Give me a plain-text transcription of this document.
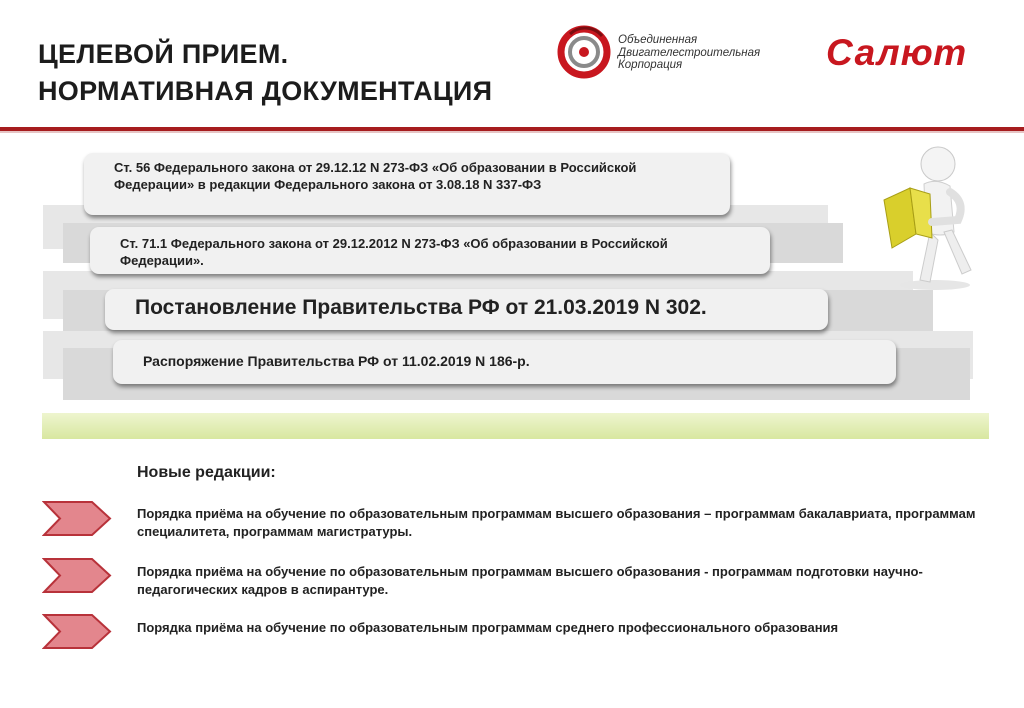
ЦЕЛЕВОЙ ПРИЕМ.
НОРМАТИВНАЯ ДОКУМЕНТАЦИЯ
Объединенная
Двигателестроительная
Корпорация	Салют
Ст. 56 Федерального закона от 29.12.12 N 273-ФЗ «Об образовании в Российской Федерации» в редакции Федерального закона от 3.08.18 N 337-ФЗ
Ст. 71.1 Федерального закона от 29.12.2012 N 273-ФЗ «Об образовании в Российской Федерации».
Постановление Правительства РФ от 21.03.2019 N 302.
Распоряжение Правительства РФ от 11.02.2019 N 186-р.
Новые редакции:
Порядка приёма на обучение по образовательным программам высшего образования – программам бакалавриата, программам специалитета, программам магистратуры.
Порядка приёма на обучение по образовательным программам высшего образования - программам подготовки научно-педагогических кадров в аспирантуре.
Порядка приёма на обучение по образовательным программам среднего профессионального образования
